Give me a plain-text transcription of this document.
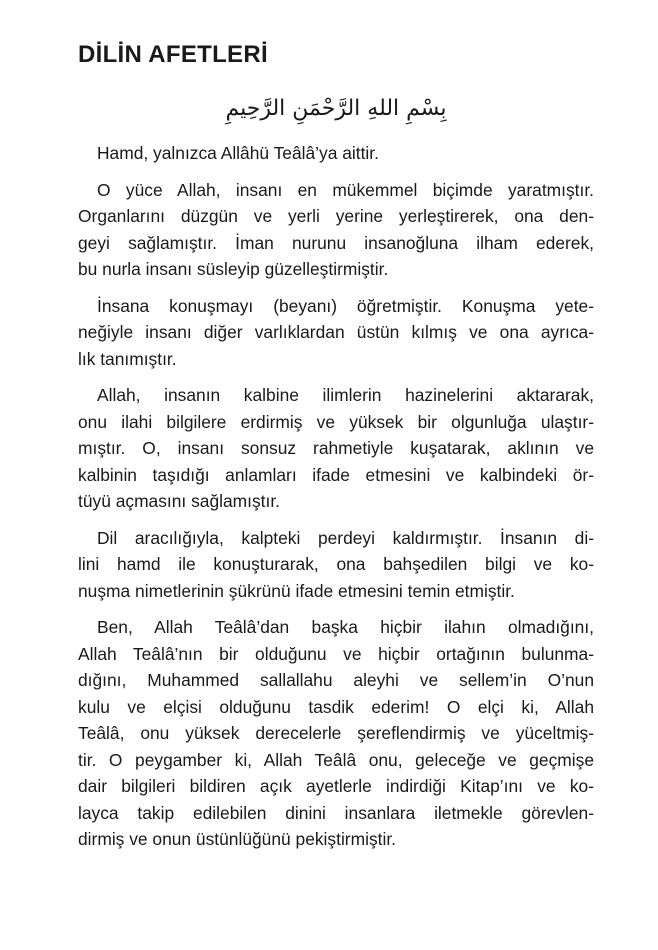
DİLİN AFETLERİ
بِسْمِ اللهِ الرَّحْمَنِ الرَّحِيمِ

Hamd, yalnızca Allâhü Teâlâ’ya aittir.

O yüce Allah, insanı en mükemmel biçimde yaratmıştır.
Organlarını düzgün ve yerli yerine yerleştirerek, ona den-
geyi sağlamıştır. İman nurunu insanoğluna ilham ederek,
bu nurla insanı süsleyip güzelleştirmiştir.

İnsana konuşmayı (beyanı) öğretmiştir. Konuşma yete-
neğiyle insanı diğer varlıklardan üstün kılmış ve ona ayrıca-
lık tanımıştır.

Allah, insanın kalbine ilimlerin hazinelerini aktararak,
onu ilahi bilgilere erdirmiş ve yüksek bir olgunluğa ulaştır-
mıştır. O, insanı sonsuz rahmetiyle kuşatarak, aklının ve
kalbinin taşıdığı anlamları ifade etmesini ve kalbindeki ör-
tüyü açmasını sağlamıştır.

Dil aracılığıyla, kalpteki perdeyi kaldırmıştır. İnsanın di-
lini hamd ile konuşturarak, ona bahşedilen bilgi ve ko-
nuşma nimetlerinin şükrünü ifade etmesini temin etmiştir.

Ben, Allah Teâlâ’dan başka hiçbir ilahın olmadığını,
Allah Teâlâ’nın bir olduğunu ve hiçbir ortağının bulunma-
dığını, Muhammed sallallahu aleyhi ve sellem’in O’nun
kulu ve elçisi olduğunu tasdik ederim! O elçi ki, Allah
Teâlâ, onu yüksek derecelerle şereflendirmiş ve yüceltmiş-
tir. O peygamber ki, Allah Teâlâ onu, geleceğe ve geçmişe
dair bilgileri bildiren açık ayetlerle indirdiği Kitap’ını ve ko-
layca takip edilebilen dinini insanlara iletmekle görevlen-
dirmiş ve onun üstünlüğünü pekiştirmiştir.
